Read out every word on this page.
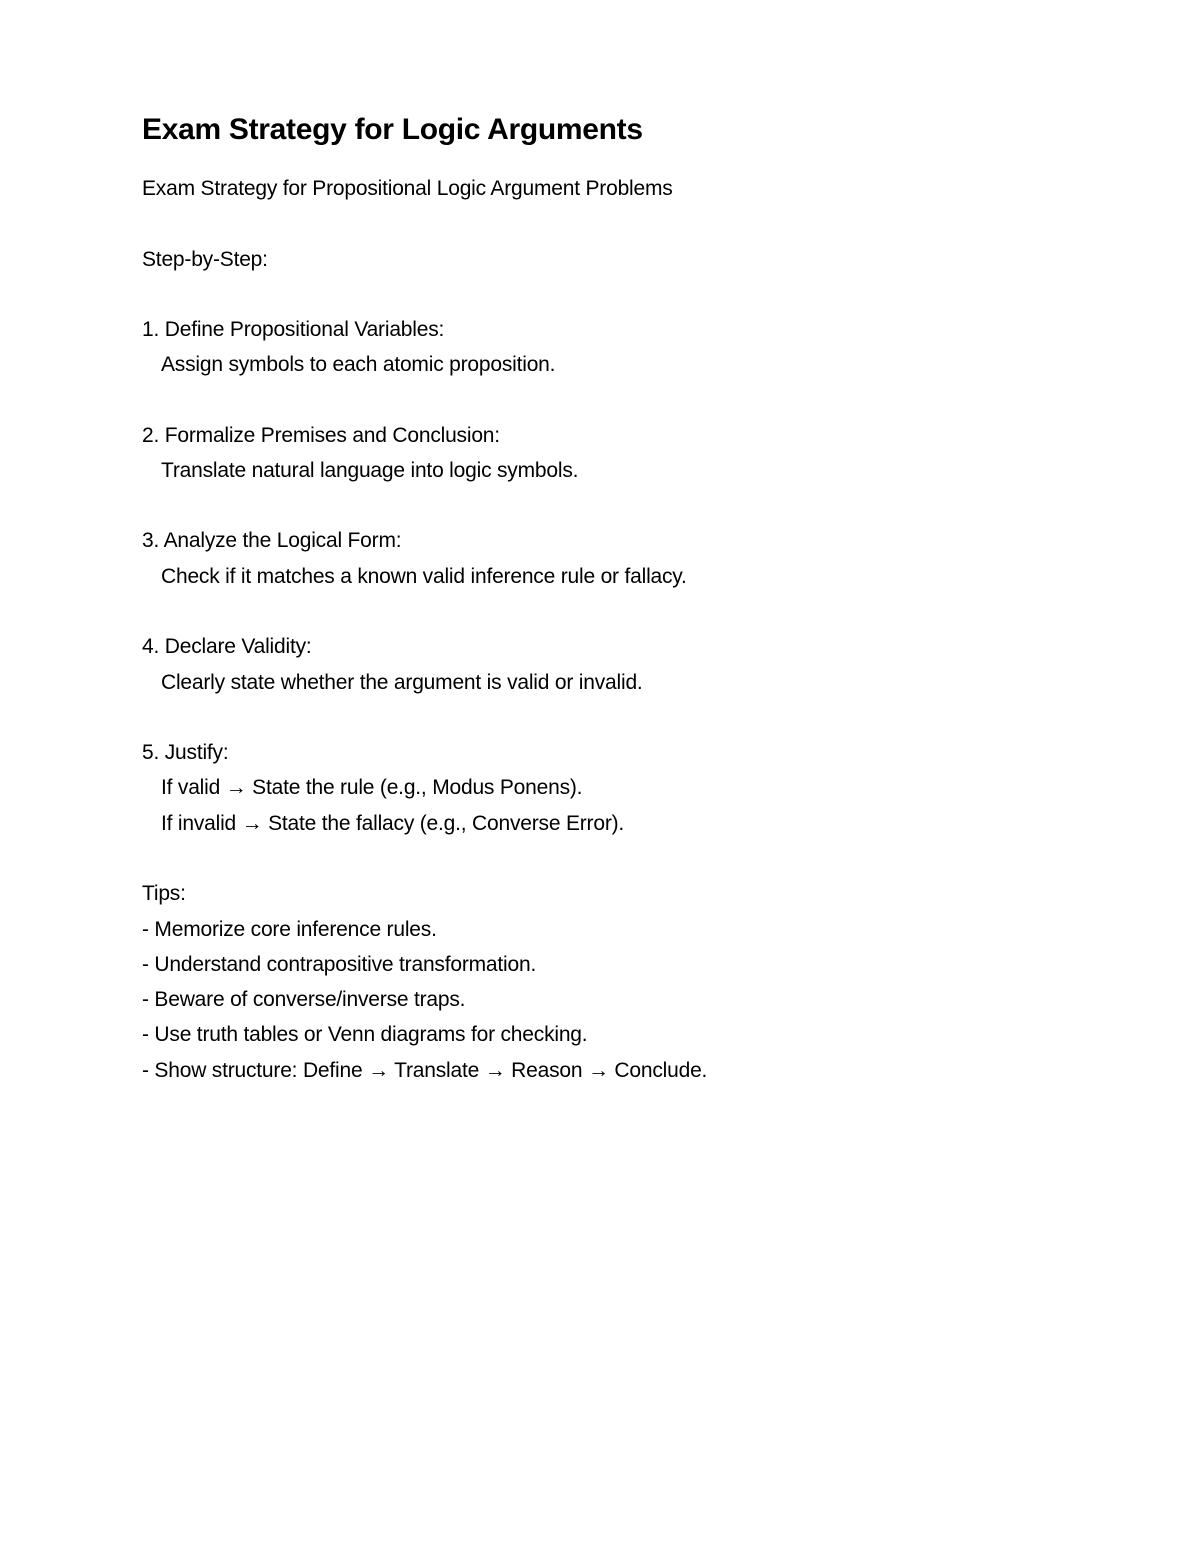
Exam Strategy for Logic Arguments
Exam Strategy for Propositional Logic Argument Problems
Step-by-Step:
1. Define Propositional Variables:
Assign symbols to each atomic proposition.
2. Formalize Premises and Conclusion:
Translate natural language into logic symbols.
3. Analyze the Logical Form:
Check if it matches a known valid inference rule or fallacy.
4. Declare Validity:
Clearly state whether the argument is valid or invalid.
5. Justify:
If valid → State the rule (e.g., Modus Ponens).
If invalid → State the fallacy (e.g., Converse Error).
Tips:
- Memorize core inference rules.
- Understand contrapositive transformation.
- Beware of converse/inverse traps.
- Use truth tables or Venn diagrams for checking.
- Show structure: Define → Translate → Reason → Conclude.
